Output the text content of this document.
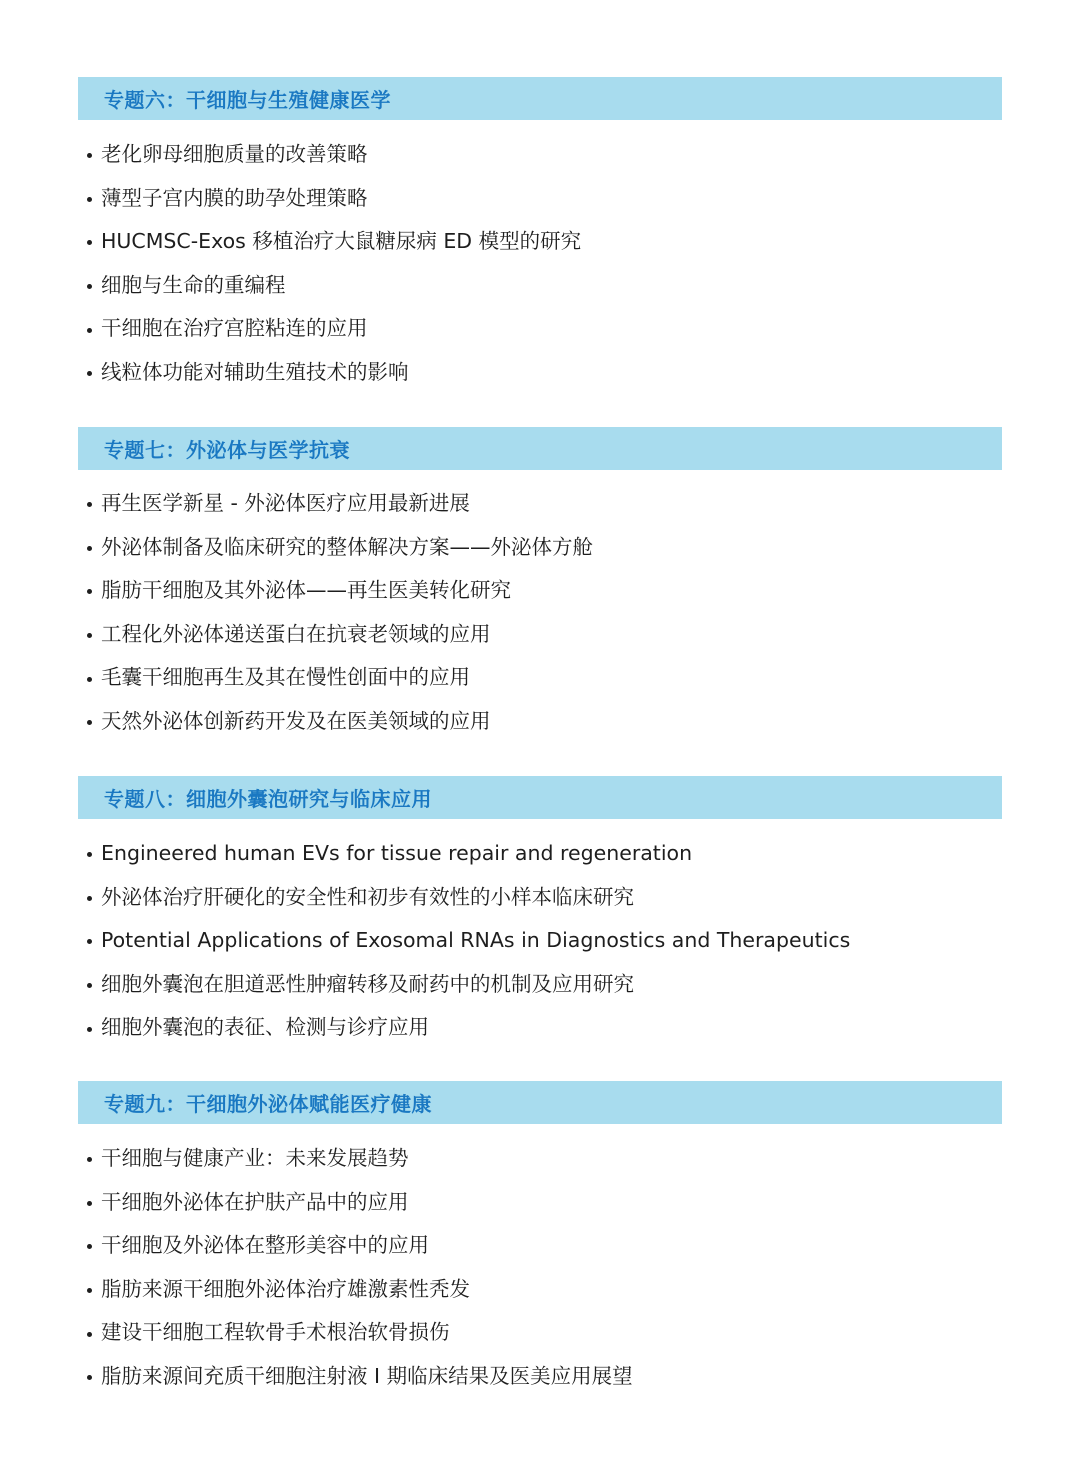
专题六：干细胞与生殖健康医学
老化卵母细胞质量的改善策略
薄型子宫内膜的助孕处理策略
HUCMSC-Exos 移植治疗大鼠糖尿病 ED 模型的研究
细胞与生命的重编程
干细胞在治疗宫腔粘连的应用
线粒体功能对辅助生殖技术的影响
专题七：外泌体与医学抗衰
再生医学新星 - 外泌体医疗应用最新进展
外泌体制备及临床研究的整体解决方案——外泌体方舱
脂肪干细胞及其外泌体——再生医美转化研究
工程化外泌体递送蛋白在抗衰老领域的应用
毛囊干细胞再生及其在慢性创面中的应用
天然外泌体创新药开发及在医美领域的应用
专题八：细胞外囊泡研究与临床应用
Engineered human EVs for tissue repair and regeneration
外泌体治疗肝硬化的安全性和初步有效性的小样本临床研究
Potential Applications of Exosomal RNAs in Diagnostics and Therapeutics
细胞外囊泡在胆道恶性肿瘤转移及耐药中的机制及应用研究
细胞外囊泡的表征、检测与诊疗应用
专题九：干细胞外泌体赋能医疗健康
干细胞与健康产业：未来发展趋势
干细胞外泌体在护肤产品中的应用
干细胞及外泌体在整形美容中的应用
脂肪来源干细胞外泌体治疗雄激素性秃发
建设干细胞工程软骨手术根治软骨损伤
脂肪来源间充质干细胞注射液 I 期临床结果及医美应用展望
